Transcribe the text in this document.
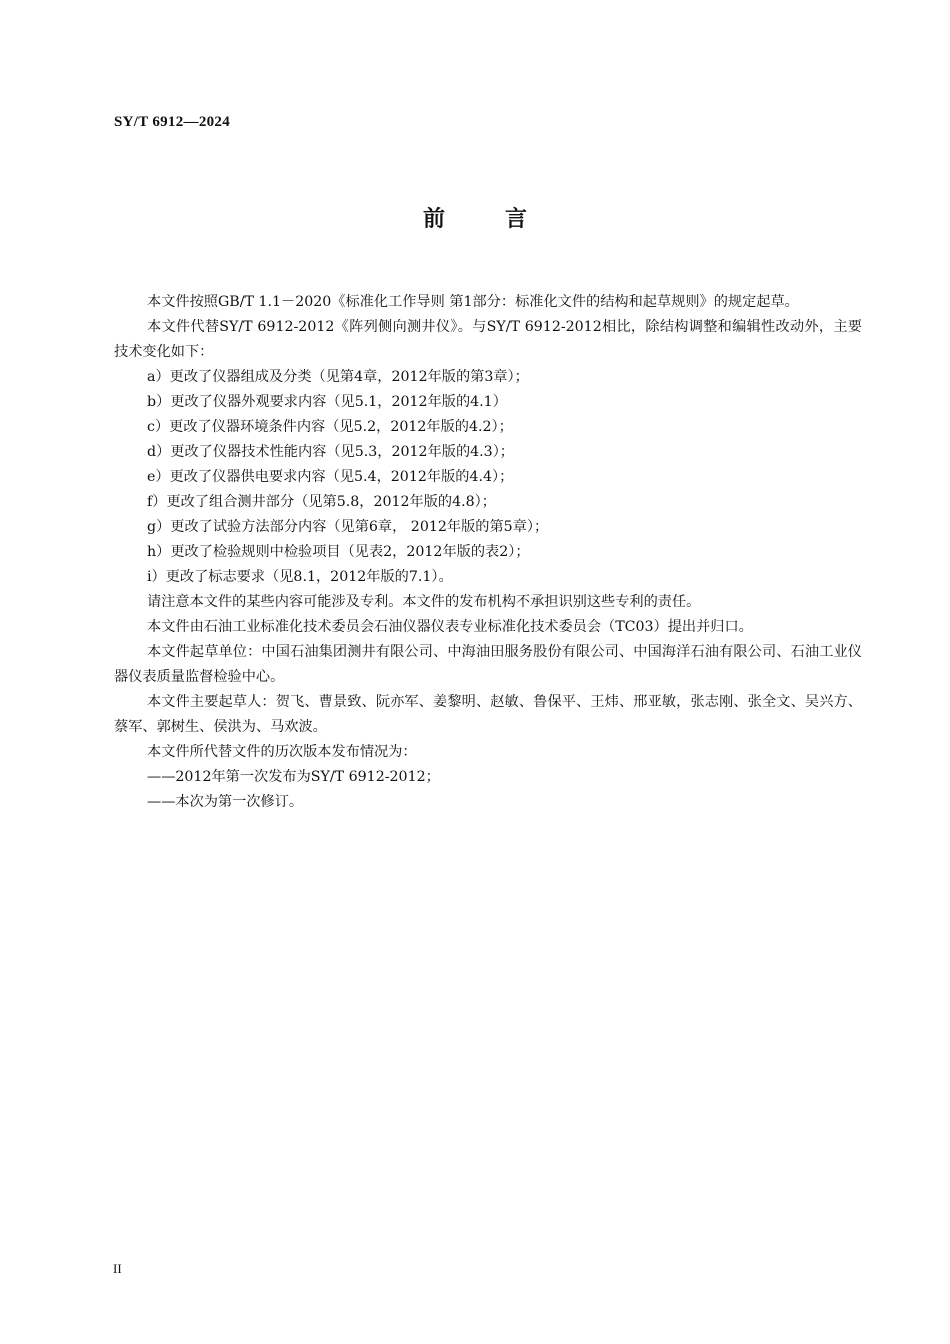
SY/T 6912—2024
前	言

本文件按照GB/T 1.1－2020《标准化工作导则 第1部分：标准化文件的结构和起草规则》的规定起草。

本文件代替SY/T 6912-2012《阵列侧向测井仪》。与SY/T 6912-2012相比，除结构调整和编辑性改动外，主要技术变化如下：

a）更改了仪器组成及分类（见第4章，2012年版的第3章）；

b）更改了仪器外观要求内容（见5.1，2012年版的4.1）

c）更改了仪器环境条件内容（见5.2，2012年版的4.2）；

d）更改了仪器技术性能内容（见5.3，2012年版的4.3）；

e）更改了仪器供电要求内容（见5.4，2012年版的4.4）；

f）更改了组合测井部分（见第5.8，2012年版的4.8）；

g）更改了试验方法部分内容（见第6章， 2012年版的第5章）；

h）更改了检验规则中检验项目（见表2，2012年版的表2）；

i）更改了标志要求（见8.1，2012年版的7.1）。

请注意本文件的某些内容可能涉及专利。本文件的发布机构不承担识别这些专利的责任。

本文件由石油工业标准化技术委员会石油仪器仪表专业标准化技术委员会（TC03）提出并归口。

本文件起草单位：中国石油集团测井有限公司、中海油田服务股份有限公司、中国海洋石油有限公司、石油工业仪器仪表质量监督检验中心。

本文件主要起草人：贺飞、曹景致、阮亦军、姜黎明、赵敏、鲁保平、王炜、邢亚敏，张志刚、张全文、吴兴方、蔡军、郭树生、侯洪为、马欢波。

本文件所代替文件的历次版本发布情况为：

——2012年第一次发布为SY/T 6912-2012；

——本次为第一次修订。

II
